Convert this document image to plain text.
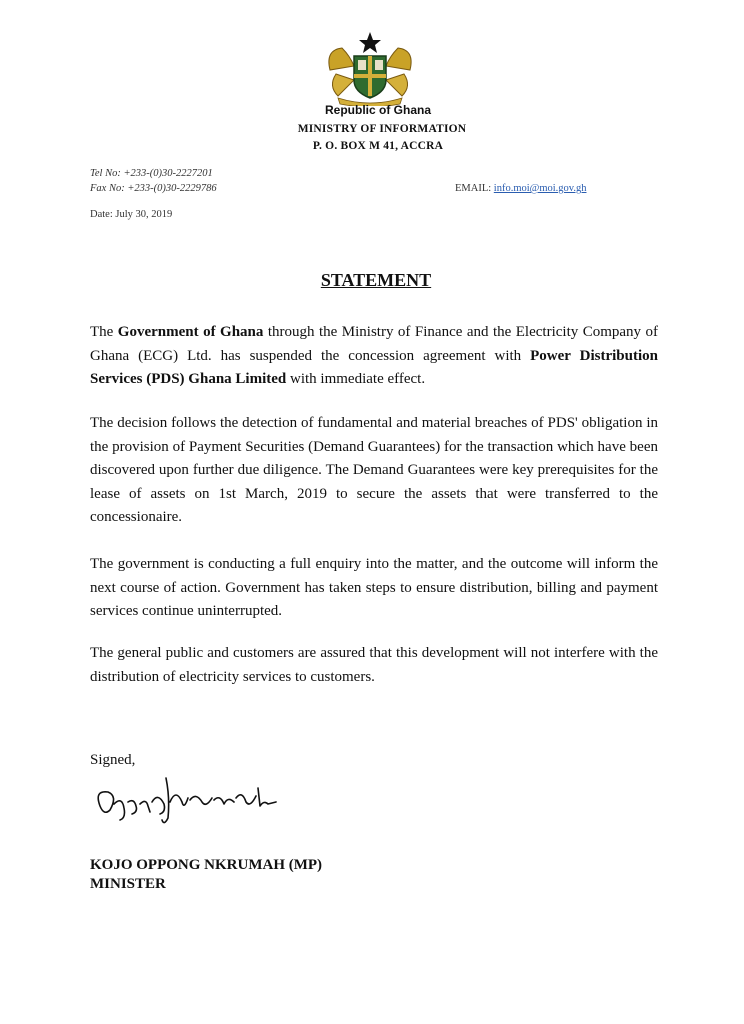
Republic of Ghana
MINISTRY OF INFORMATION
P. O. BOX M 41, ACCRA
Tel No: +233-(0)30-2227201
Fax No: +233-(0)30-2229786	EMAIL: info.moi@moi.gov.gh
Date: July 30, 2019
STATEMENT

The Government of Ghana through the Ministry of Finance and the Electricity Company of Ghana (ECG) Ltd. has suspended the concession agreement with Power Distribution Services (PDS) Ghana Limited with immediate effect.

The decision follows the detection of fundamental and material breaches of PDS' obligation in the provision of Payment Securities (Demand Guarantees) for the transaction which have been discovered upon further due diligence. The Demand Guarantees were key prerequisites for the lease of assets on 1st March, 2019 to secure the assets that were transferred to the concessionaire.

The government is conducting a full enquiry into the matter, and the outcome will inform the next course of action. Government has taken steps to ensure distribution, billing and payment services continue uninterrupted.

The general public and customers are assured that this development will not interfere with the distribution of electricity services to customers.

Signed,
KOJO OPPONG NKRUMAH (MP)
MINISTER
